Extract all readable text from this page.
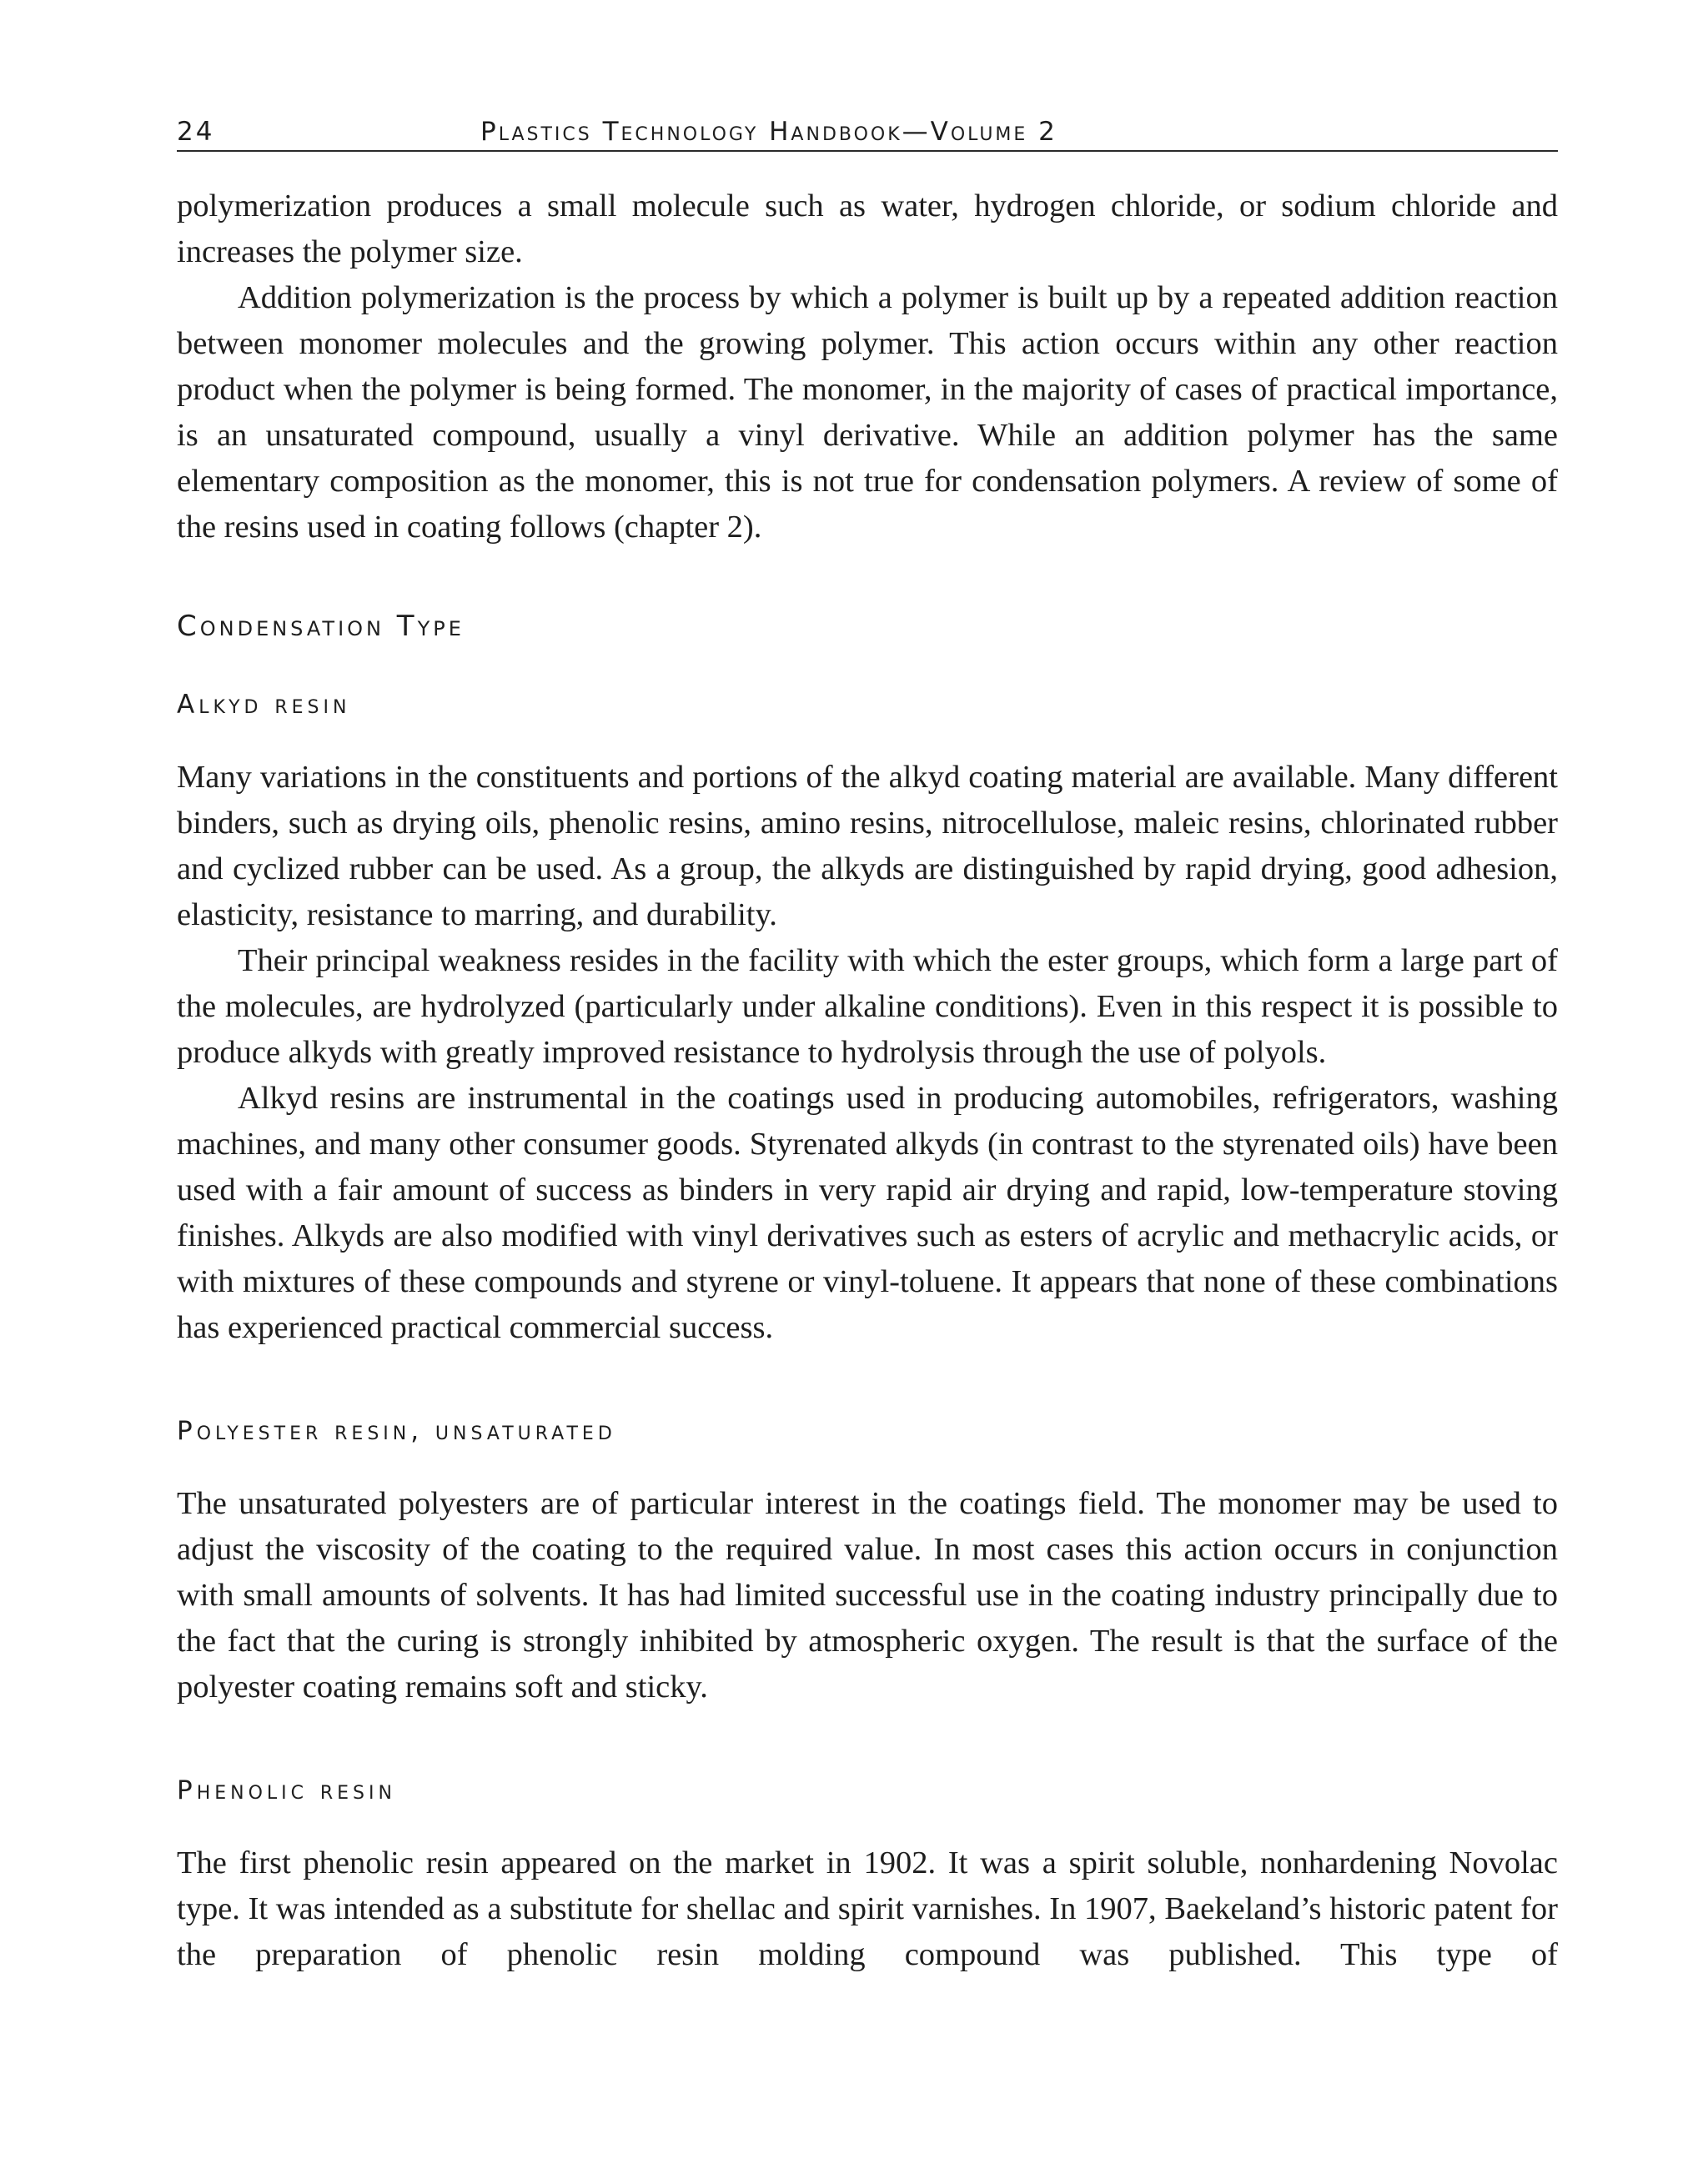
24	Plastics Technology Handbook—Volume 2

polymerization produces a small molecule such as water, hydrogen chloride, or sodium chloride and increases the polymer size.

Addition polymerization is the process by which a polymer is built up by a repeated addition reaction between monomer molecules and the growing polymer. This action occurs within any other reaction product when the polymer is being formed. The monomer, in the majority of cases of practical importance, is an unsaturated compound, usually a vinyl derivative. While an addition polymer has the same elementary composition as the monomer, this is not true for condensation polymers. A review of some of the resins used in coating follows (chapter 2).

Condensation Type
Alkyd resin

Many variations in the constituents and portions of the alkyd coating material are available. Many different binders, such as drying oils, phenolic resins, amino resins, nitrocellulose, maleic resins, chlorinated rubber and cyclized rubber can be used. As a group, the alkyds are distinguished by rapid drying, good adhesion, elasticity, resistance to marring, and durability.

Their principal weakness resides in the facility with which the ester groups, which form a large part of the molecules, are hydrolyzed (particularly under alkaline conditions). Even in this respect it is possible to produce alkyds with greatly improved resistance to hydrolysis through the use of polyols.

Alkyd resins are instrumental in the coatings used in producing automobiles, refrigerators, washing machines, and many other consumer goods. Styrenated alkyds (in contrast to the styrenated oils) have been used with a fair amount of success as binders in very rapid air drying and rapid, low-temperature stoving finishes. Alkyds are also modified with vinyl derivatives such as esters of acrylic and methacrylic acids, or with mixtures of these compounds and styrene or vinyl-toluene. It appears that none of these combinations has experienced practical commercial success.

Polyester resin, unsaturated

The unsaturated polyesters are of particular interest in the coatings field. The monomer may be used to adjust the viscosity of the coating to the required value. In most cases this action occurs in conjunction with small amounts of solvents. It has had limited successful use in the coating industry principally due to the fact that the curing is strongly inhibited by atmospheric oxygen. The result is that the surface of the polyester coating remains soft and sticky.

Phenolic resin

The first phenolic resin appeared on the market in 1902. It was a spirit soluble, nonhardening Novolac type. It was intended as a substitute for shellac and spirit varnishes. In 1907, Baekeland’s historic patent for the preparation of phenolic resin molding compound was published. This type of
